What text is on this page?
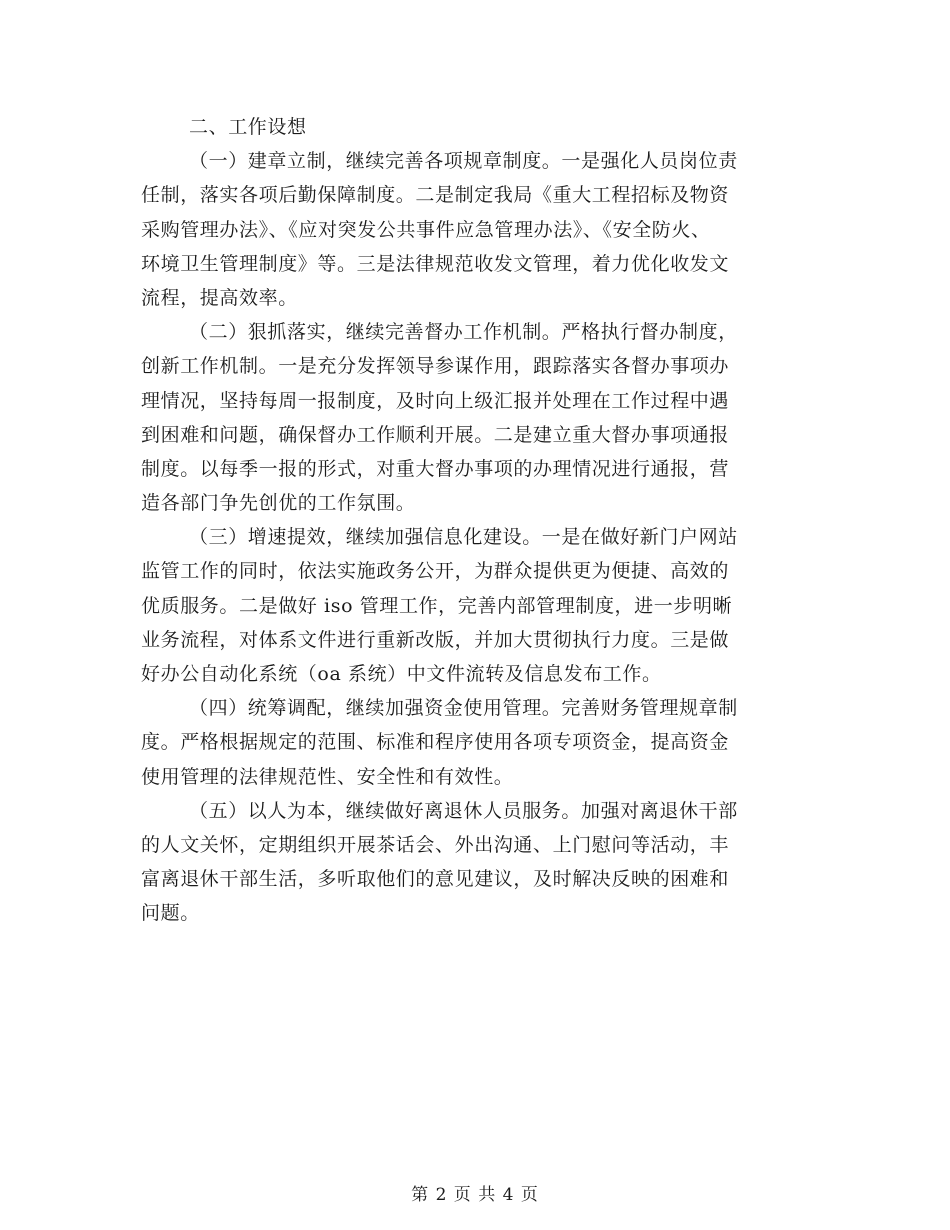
二、工作设想
（一）建章立制，继续完善各项规章制度。一是强化人员岗位责
任制，落实各项后勤保障制度。二是制定我局《重大工程招标及物资
采购管理办法》、《应对突发公共事件应急管理办法》、《安全防火、
环境卫生管理制度》等。三是法律规范收发文管理，着力优化收发文
流程，提高效率。
（二）狠抓落实，继续完善督办工作机制。严格执行督办制度，
创新工作机制。一是充分发挥领导参谋作用，跟踪落实各督办事项办
理情况，坚持每周一报制度，及时向上级汇报并处理在工作过程中遇
到困难和问题，确保督办工作顺利开展。二是建立重大督办事项通报
制度。以每季一报的形式，对重大督办事项的办理情况进行通报，营
造各部门争先创优的工作氛围。
（三）增速提效，继续加强信息化建设。一是在做好新门户网站
监管工作的同时，依法实施政务公开，为群众提供更为便捷、高效的
优质服务。二是做好 iso 管理工作，完善内部管理制度，进一步明晰
业务流程，对体系文件进行重新改版，并加大贯彻执行力度。三是做
好办公自动化系统（oa 系统）中文件流转及信息发布工作。
（四）统筹调配，继续加强资金使用管理。完善财务管理规章制
度。严格根据规定的范围、标准和程序使用各项专项资金，提高资金
使用管理的法律规范性、安全性和有效性。
（五）以人为本，继续做好离退休人员服务。加强对离退休干部
的人文关怀，定期组织开展茶话会、外出沟通、上门慰问等活动，丰
富离退休干部生活，多听取他们的意见建议，及时解决反映的困难和
问题。
第 2 页 共 4 页
